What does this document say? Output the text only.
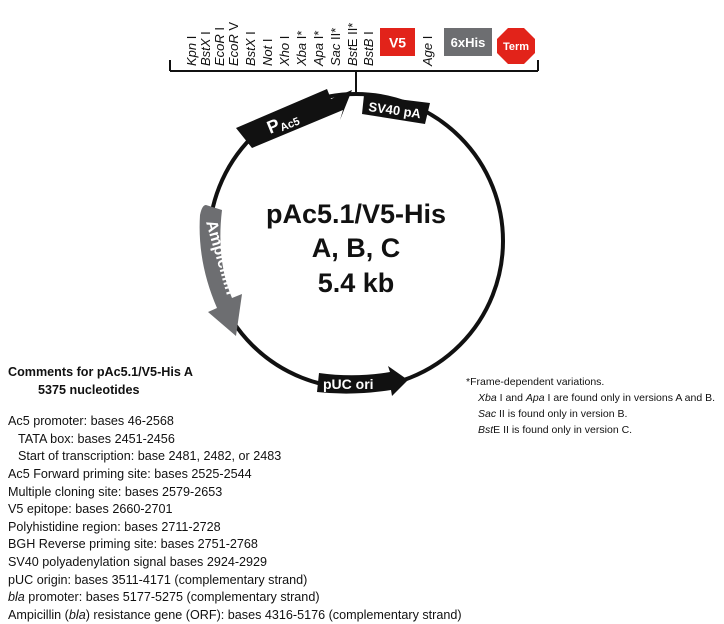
Kpn I BstX I EcoR I
EcoR V
BstX I
Not I
Xho I
Xba I*
Apa I*
Sac II*
BstE II*
BstB I
Age I
V5	6xHis Term
PAc5
SV40 pA
Ampicillin
pUC ori
pAc5.1/V5-His
A, B, C
5.4 kb
Comments for pAc5.1/V5-His A
5375 nucleotides
Ac5 promoter: bases 46-2568
TATA box: bases 2451-2456
Start of transcription: base 2481, 2482, or 2483
Ac5 Forward priming site: bases 2525-2544
Multiple cloning site: bases 2579-2653
V5 epitope: bases 2660-2701
Polyhistidine region: bases 2711-2728
BGH Reverse priming site: bases 2751-2768
SV40 polyadenylation signal bases 2924-2929
pUC origin: bases 3511-4171 (complementary strand)
bla promoter: bases 5177-5275 (complementary strand)
Ampicillin (bla) resistance gene (ORF): bases 4316-5176 (complementary strand)
*Frame-dependent variations.
Xba I and Apa I are found only in versions A and B.
Sac II is found only in version B.
BstE II is found only in version C.
